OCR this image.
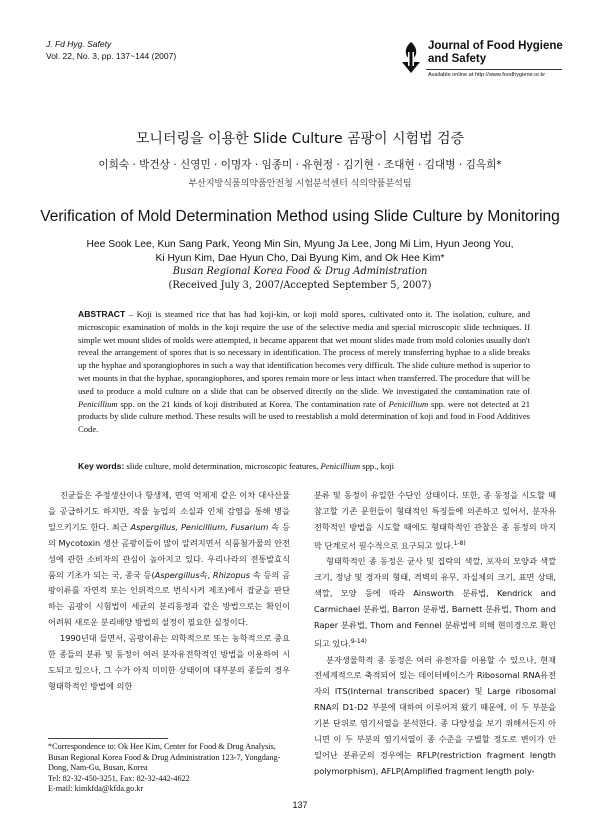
J. Fd Hyg. Safety
Vol. 22, No. 3, pp. 137~144 (2007)
Journal of Food Hygiene
and Safety
Available online at http://www.foodhygiene.or.kr
모니터링을 이용한 Slide Culture 곰팡이 시험법 검증
이희숙 · 박건상 · 신영민 · 이명자 · 임종미 · 유현정 · 김기현 · 조대현 · 김대병 · 김옥희*
부산지방식품의약품안전청 시험분석센터 식의약품분석팀
Verification of Mold Determination Method using Slide Culture by Monitoring
Hee Sook Lee, Kun Sang Park, Yeong Min Sin, Myung Ja Lee, Jong Mi Lim, Hyun Jeong You,
Ki Hyun Kim, Dae Hyun Cho, Dai Byung Kim, and Ok Hee Kim*
Busan Regional Korea Food & Drug Administration
(Received July 3, 2007/Accepted September 5, 2007)
ABSTRACT – Koji is steamed rice that has had koji-kin, or koji mold spores, cultivated onto it. The isolation, culture, and microscopic examination of molds in the koji require the use of the selective media and special microscopic slide techniques. If simple wet mount slides of molds were attempted, it became apparent that wet mount slides made from mold colonies usually don't reveal the arrangement of spores that is so necessary in identification. The process of merely transferring hyphae to a slide breaks up the hyphae and sporangiophores in such a way that identification becomes very difficult. The slide culture method is superior to wet mounts in that the hyphae, sporangiophores, and spores remain more or less intact when transferred. The procedure that will be used to produce a mold culture on a slide that can be observed directly on the slide. We investigated the contamination rate of Penicillium spp. on the 21 kinds of koji distributed at Korea. The contamination rate of Penicillium spp. were not detected at 21 products by slide culture method. These results will be used to reestablish a mold determination of koji and food in Food Additives Code.
Key words: slide culture, mold determination, microscopic features, Penicillium spp., koji

진균들은 주정생산이나 항생제, 면역 억제제 같은 이차 대사산물을 공급하기도 하지만, 작물 농업의 소실과 인체 감염을 통해 병을 일으키기도 한다. 최근 Aspergillus, Penicillium, Fusarium 속 등의 Mycotoxin 생산 곰팡이들이 많이 알려지면서 식품첨가물의 안전성에 관한 소비자의 관심이 높아지고 있다. 우리나라의 전통발효식품의 기초가 되는 국, 종국 등(Aspergillus속, Rhizopus 속 등의 곰팡이류를 자연적 또는 인위적으로 번식시켜 제조)에서 잡균을 판단하는 곰팡이 시험법이 세균의 분리동정과 같은 방법으로는 확인이 어려워 새로운 분리배양 방법의 설정이 필요한 실정이다.

1990년대 들면서, 곰팡이류는 의학적으로 또는 농학적으로 중요한 종들의 분류 및 동정이 여러 분자유전학적인 방법을 이용하여 시도되고 있으나, 그 수가 아직 미미한 상태이며 대부분의 종들의 경우 형태학적인 방법에 의한

분류 및 동정이 유일한 수단인 상태이다. 또한, 종 동정을 시도할 때 참고할 기존 문헌들이 형태적인 특징들에 의존하고 있어서, 분자유전학적인 방법을 시도할 때에도 형태학적인 관찰은 종 동정의 마지막 단계로서 필수적으로 요구되고 있다.$^{1-8)}$

형태학적인 종 동정은 균사 및 집락의 색깔, 포자의 모양과 색깔 크기, 정낭 및 경자의 형태, 격벽의 유무, 자실체의 크기, 표면 상태, 색깔, 모양 등에 따라 Ainsworth 분류법, Kendrick and Carmichael 분류법, Barron 분류법, Barnett 분류법, Thom and Raper 분류법, Thom and Fennel 분류법에 의해 현미경으로 확인되고 있다.$^{9-14)}$

분자생물학적 종 동정은 여러 유전자를 이용할 수 있으나, 현재 전세계적으로 축적되어 있는 데이터베이스가 Ribosomal RNA유전자의 ITS(Internal transcribed spacer) 및 Large ribosomal RNA의 D1-D2 부분에 대하여 이루어져 왔기 때문에, 이 두 부분을 기본 단위로 염기서열을 분석한다. 종 다양성을 보기 위해서든지 아니면 이 두 부분의 염기서열이 종 수준을 구별할 정도로 변이가 안 일어난 분류군의 경우에는 RFLP(restriction fragment length polymorphism), AFLP(Amplified fragment length poly-

*Correspondence to: Ok Hee Kim, Center for Food & Drug Analysis, Busan Regional Korea Food & Drug Administration 123-7, Yongdang-Dong, Nam-Gu, Busan, Korea
Tel: 82-32-450-3251, Fax: 82-32-442-4622
E-mail: kimkfda@kfda.go.kr
137
